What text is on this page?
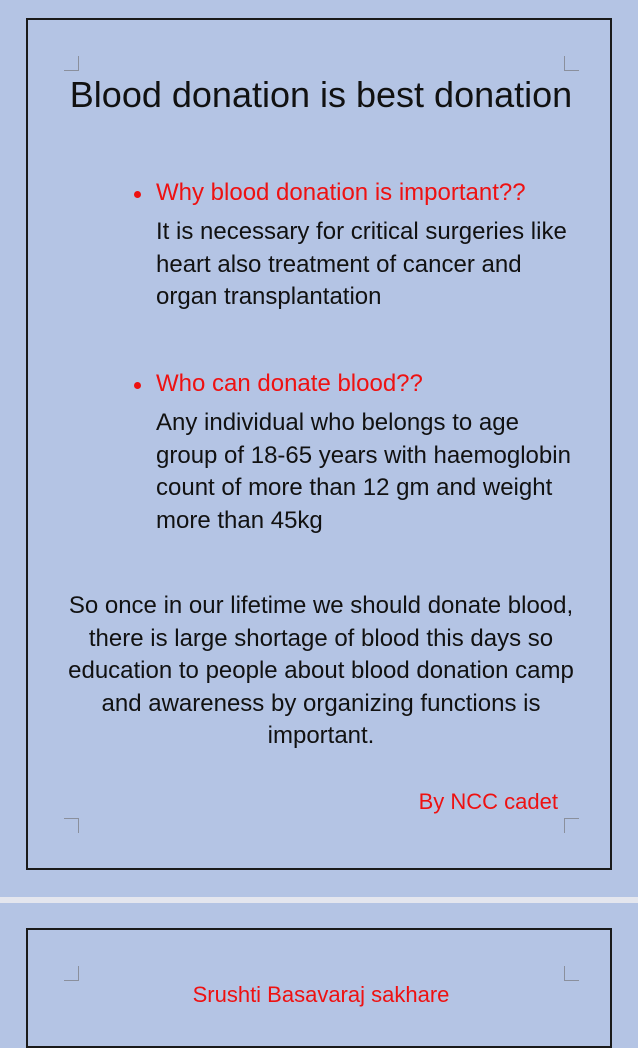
Blood donation is best donation

Why blood donation is important??

It is necessary for critical surgeries like heart also treatment of cancer and organ transplantation

Who can donate blood??

Any individual who belongs to age group of 18-65 years with haemoglobin count of more than 12 gm and weight more than 45kg

So once in our lifetime we should donate blood, there is large shortage of blood this days so education to people about blood donation camp and awareness by organizing functions is important.

By NCC cadet

Srushti Basavaraj sakhare
